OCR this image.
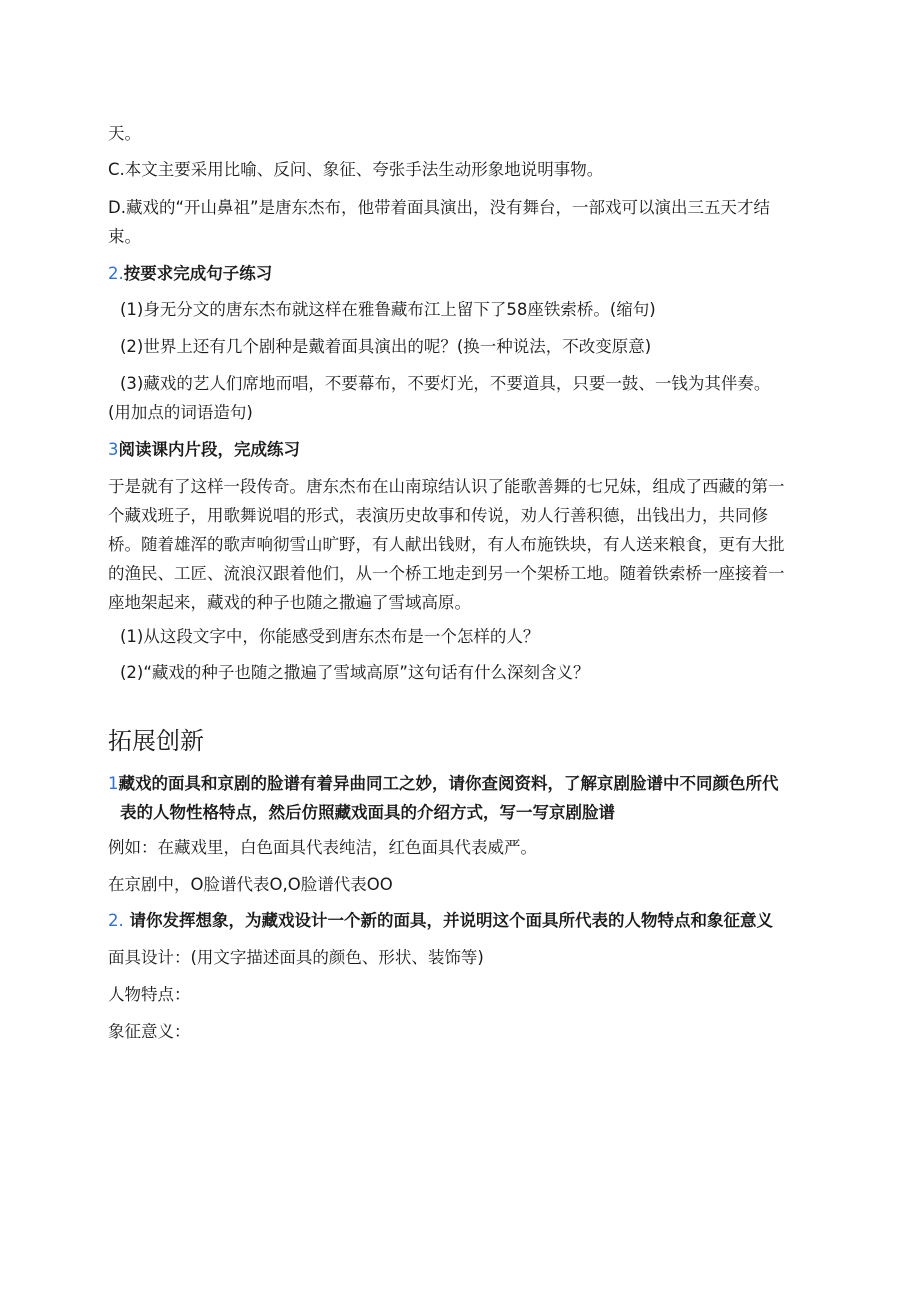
天。
C.本文主要采用比喻、反问、象征、夸张手法生动形象地说明事物。
D.藏戏的“开山鼻祖”是唐东杰布，他带着面具演出，没有舞台，一部戏可以演出三五天才结
束。
2.按要求完成句子练习
(1)身无分文的唐东杰布就这样在雅鲁藏布江上留下了58座铁索桥。(缩句)
(2)世界上还有几个剧种是戴着面具演出的呢？(换一种说法，不改变原意)
(3)藏戏的艺人们席地而唱，不要幕布，不要灯光，不要道具，只要一鼓、一钱为其伴奏。
(用加点的词语造句)
3阅读课内片段，完成练习
于是就有了这样一段传奇。唐东杰布在山南琼结认识了能歌善舞的七兄妹，组成了西藏的第一
个藏戏班子，用歌舞说唱的形式，表演历史故事和传说，劝人行善积德，出钱出力，共同修
桥。随着雄浑的歌声响彻雪山旷野，有人献出钱财，有人布施铁块，有人送来粮食，更有大批
的渔民、工匠、流浪汉跟着他们，从一个桥工地走到另一个架桥工地。随着铁索桥一座接着一
座地架起来，藏戏的种子也随之撒遍了雪域高原。
(1)从这段文字中，你能感受到唐东杰布是一个怎样的人？
(2)“藏戏的种子也随之撒遍了雪域高原”这句话有什么深刻含义？
拓展创新
1藏戏的面具和京剧的脸谱有着异曲同工之妙，请你查阅资料，了解京剧脸谱中不同颜色所代
表的人物性格特点，然后仿照藏戏面具的介绍方式，写一写京剧脸谱
例如：在藏戏里，白色面具代表纯洁，红色面具代表威严。
在京剧中，O脸谱代表O,O脸谱代表OO
2. 请你发挥想象，为藏戏设计一个新的面具，并说明这个面具所代表的人物特点和象征意义
面具设计：(用文字描述面具的颜色、形状、装饰等)
人物特点：
象征意义：
